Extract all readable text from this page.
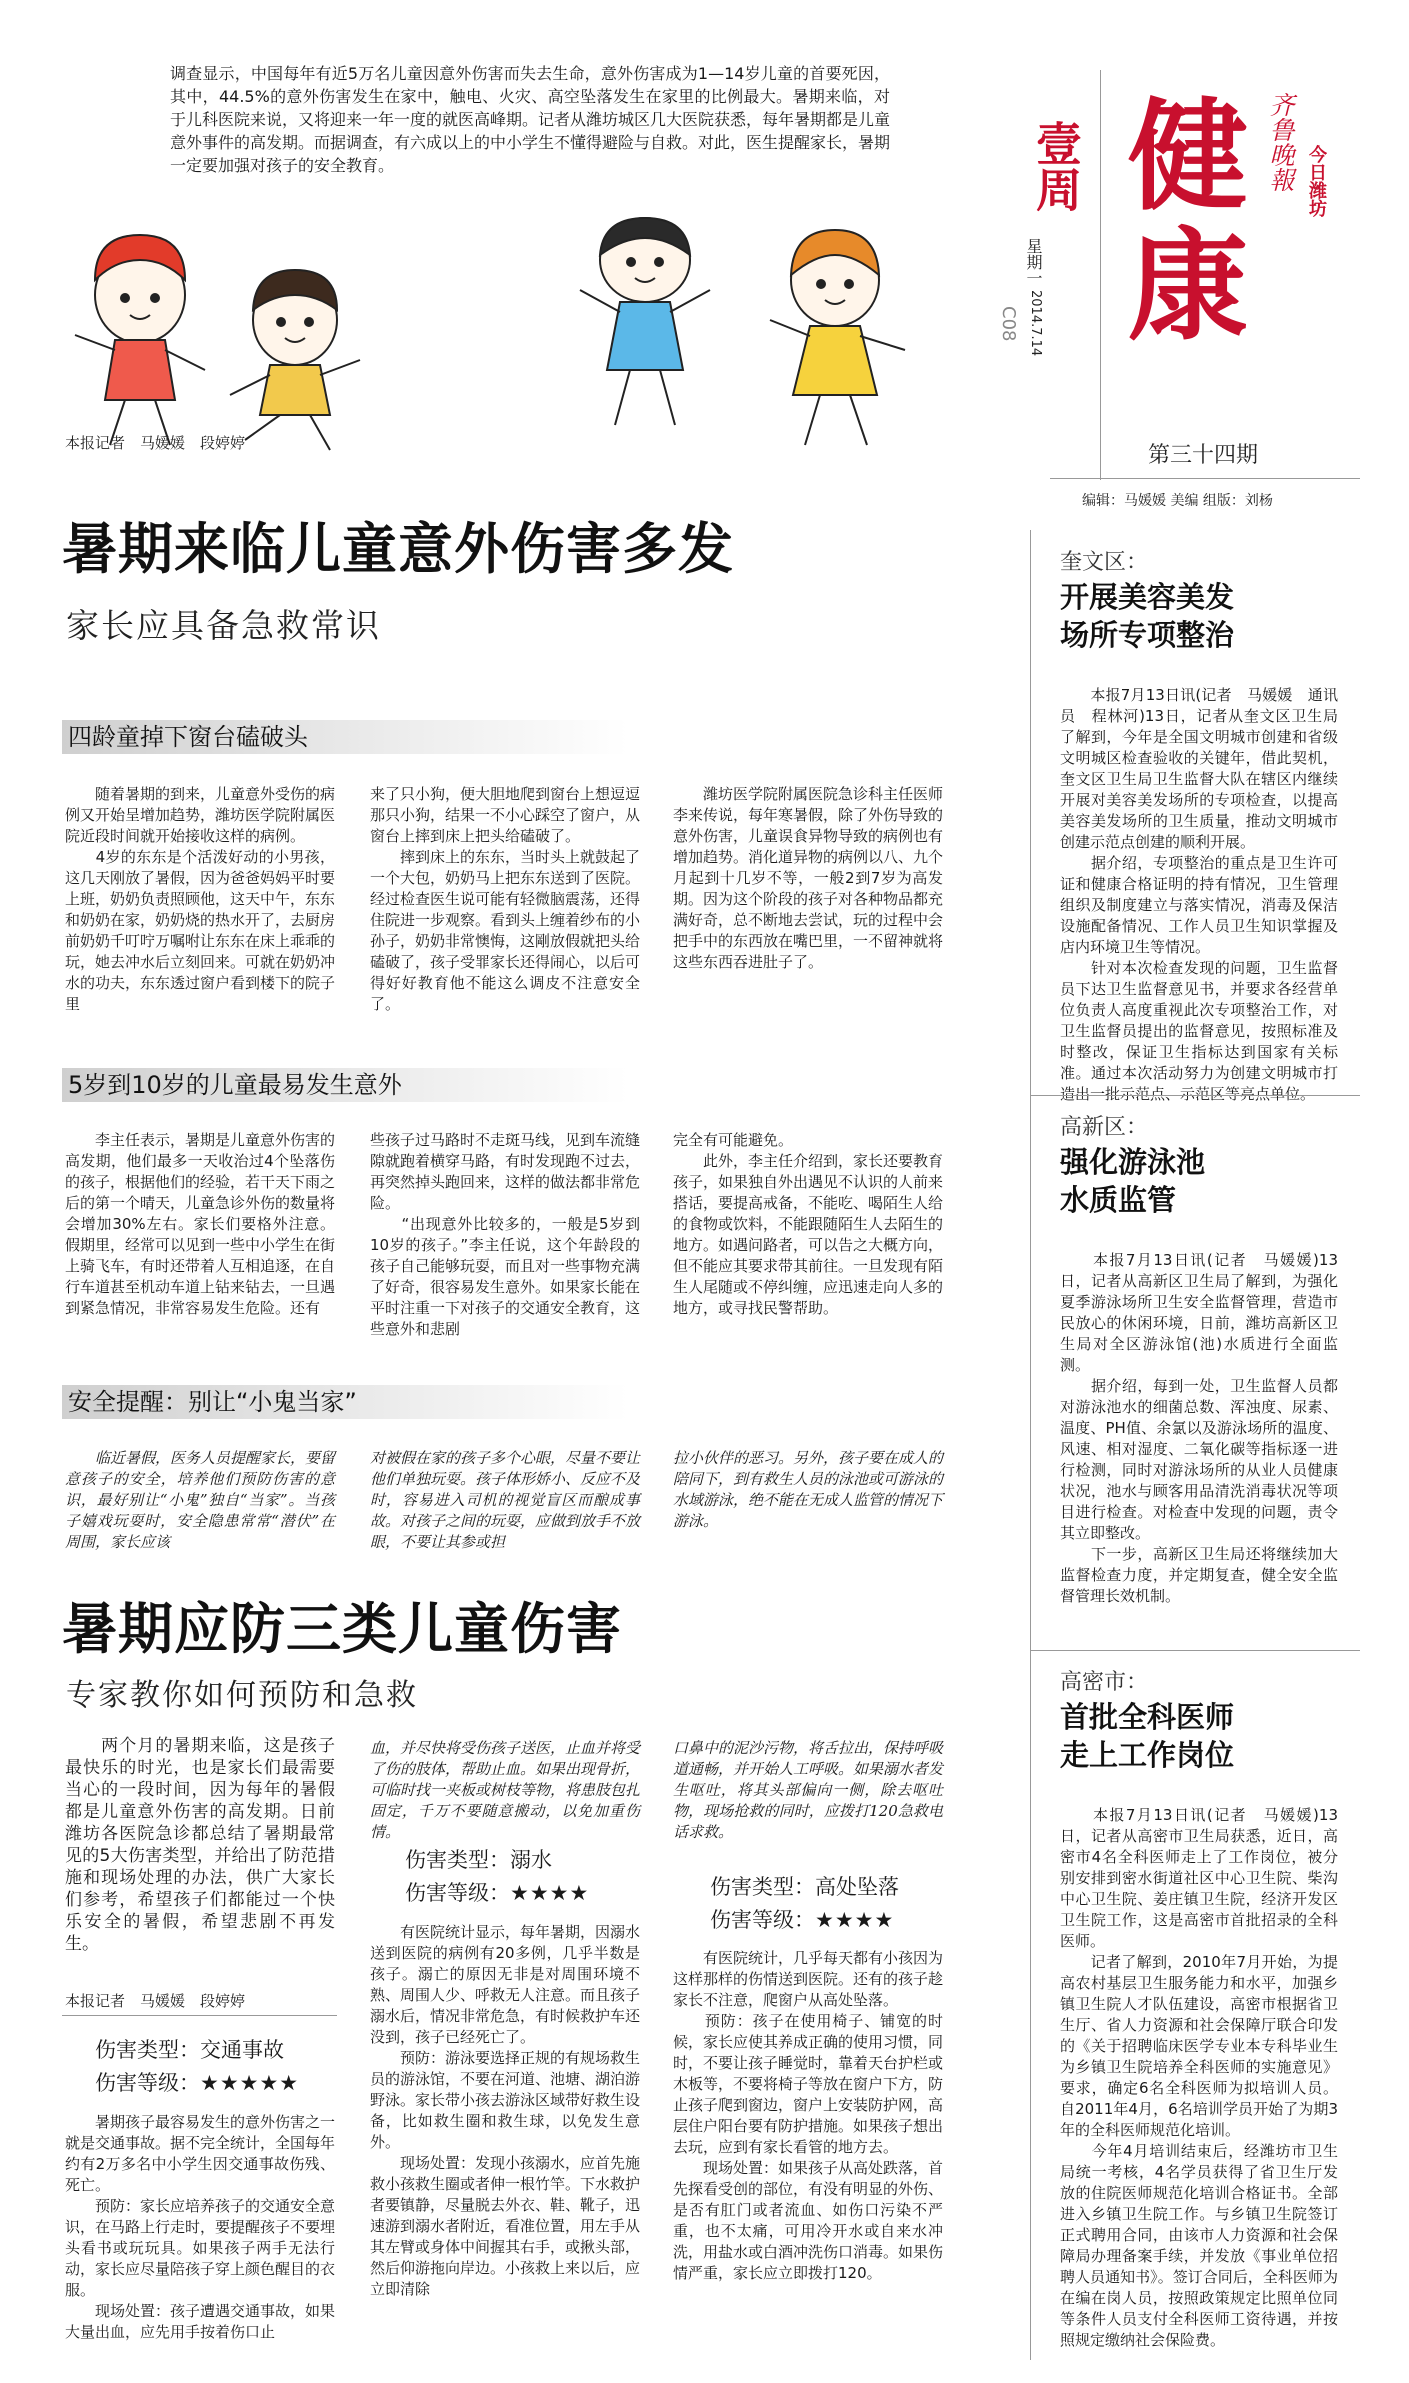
调查显示，中国每年有近5万名儿童因意外伤害而失去生命，意外伤害成为1—14岁儿童的首要死因，其中，44.5%的意外伤害发生在家中，触电、火灾、高空坠落发生在家里的比例最大。暑期来临，对于儿科医院来说，又将迎来一年一度的就医高峰期。记者从潍坊城区几大医院获悉，每年暑期都是儿童意外事件的高发期。而据调查，有六成以上的中小学生不懂得避险与自救。对此，医生提醒家长，暑期一定要加强对孩子的安全教育。

本报记者　马媛媛　段婷婷
壹周
星期一
2014.7.14
C08
健
康
齐鲁晚報 今日潍坊
第三十四期
编辑：马媛媛 美编 组版：刘杨
暑期来临儿童意外伤害多发
家长应具备急救常识
四龄童掉下窗台磕破头

　　随着暑期的到来，儿童意外受伤的病例又开始呈增加趋势，潍坊医学院附属医院近段时间就开始接收这样的病例。
　　4岁的东东是个活泼好动的小男孩，这几天刚放了暑假，因为爸爸妈妈平时要上班，奶奶负责照顾他，这天中午，东东和奶奶在家，奶奶烧的热水开了，去厨房前奶奶千叮咛万嘱咐让东东在床上乖乖的玩，她去冲水后立刻回来。可就在奶奶冲水的功夫，东东透过窗户看到楼下的院子里

来了只小狗，便大胆地爬到窗台上想逗逗那只小狗，结果一不小心踩空了窗户，从窗台上摔到床上把头给磕破了。
　　摔到床上的东东，当时头上就鼓起了一个大包，奶奶马上把东东送到了医院。经过检查医生说可能有轻微脑震荡，还得住院进一步观察。看到头上缠着纱布的小孙子，奶奶非常懊悔，这剛放假就把头给磕破了，孩子受罪家长还得闹心，以后可得好好教育他不能这么调皮不注意安全了。

　　潍坊医学院附属医院急诊科主任医师李来传说，每年寒暑假，除了外伤导致的意外伤害，儿童误食异物导致的病例也有增加趋势。消化道异物的病例以八、九个月起到十几岁不等，一般2到7岁为高发期。因为这个阶段的孩子对各种物品都充满好奇，总不断地去尝试，玩的过程中会把手中的东西放在嘴巴里，一不留神就将这些东西吞进肚子了。

5岁到10岁的儿童最易发生意外

　　李主任表示，暑期是儿童意外伤害的高发期，他们最多一天收治过4个坠落伤的孩子，根据他们的经验，若干天下雨之后的第一个晴天，儿童急诊外伤的数量将会增加30%左右。家长们要格外注意。假期里，经常可以见到一些中小学生在街上骑飞车，有时还带着人互相追逐，在自行车道甚至机动车道上钻来钻去，一旦遇到紧急情况，非常容易发生危险。还有

些孩子过马路时不走斑马线，见到车流缝隙就跑着横穿马路，有时发现跑不过去，再突然掉头跑回来，这样的做法都非常危险。
　　“出现意外比较多的，一般是5岁到10岁的孩子。”李主任说，这个年龄段的孩子自己能够玩耍，而且对一些事物充满了好奇，很容易发生意外。如果家长能在平时注重一下对孩子的交通安全教育，这些意外和悲剧

完全有可能避免。
　　此外，李主任介绍到，家长还要教育孩子，如果独自外出遇见不认识的人前来搭话，要提高戒备，不能吃、喝陌生人给的食物或饮料，不能跟随陌生人去陌生的地方。如遇问路者，可以告之大概方向，但不能应其要求带其前往。一旦发现有陌生人尾随或不停纠缠，应迅速走向人多的地方，或寻找民警帮助。

安全提醒：别让“小鬼当家”

　　临近暑假，医务人员提醒家长，要留意孩子的安全，培养他们预防伤害的意识，最好别让“小鬼”独自“当家”。当孩子嬉戏玩耍时，安全隐患常常“潜伏”在周围，家长应该

对被假在家的孩子多个心眼，尽量不要让他们单独玩耍。孩子体形娇小、反应不及时，容易进入司机的视觉盲区而酿成事故。对孩子之间的玩耍，应做到放手不放眼，不要让其参或担

拉小伙伴的恶习。另外，孩子要在成人的陪同下，到有救生人员的泳池或可游泳的水域游泳，绝不能在无成人监管的情况下游泳。

暑期应防三类儿童伤害
专家教你如何预防和急救

　　两个月的暑期来临，这是孩子最快乐的时光，也是家长们最需要当心的一段时间，因为每年的暑假都是儿童意外伤害的高发期。日前潍坊各医院急诊都总结了暑期最常见的5大伤害类型，并给出了防范措施和现场处理的办法，供广大家长们参考，希望孩子们都能过一个快乐安全的暑假，希望悲剧不再发生。

本报记者　马媛媛　段婷婷
伤害类型：交通事故
伤害等级：★★★★★

　　暑期孩子最容易发生的意外伤害之一就是交通事故。据不完全统计，全国每年约有2万多名中小学生因交通事故伤残、死亡。
　　预防：家长应培养孩子的交通安全意识，在马路上行走时，要提醒孩子不要埋头看书或玩玩具。如果孩子两手无法行动，家长应尽量陪孩子穿上颜色醒目的衣服。
　　现场处置：孩子遭遇交通事故，如果大量出血，应先用手按着伤口止

血，并尽快将受伤孩子送医，止血并将受了伤的肢体，帮助止血。如果出现骨折，可临时找一夹板或树枝等物，将患肢包扎固定，千万不要随意搬动，以免加重伤情。

伤害类型：溺水
伤害等级：★★★★

　　有医院统计显示，每年暑期，因溺水送到医院的病例有20多例，几乎半数是孩子。溺亡的原因无非是对周围环境不熟、周围人少、呼救无人注意。而且孩子溺水后，情况非常危急，有时候救护车还没到，孩子已经死亡了。
　　预防：游泳要选择正规的有规场救生员的游泳馆，不要在河道、池塘、湖泊游野泳。家长带小孩去游泳区域带好救生设备，比如救生圈和救生球，以免发生意外。
　　现场处置：发现小孩溺水，应首先施救小孩救生圈或者伸一根竹竿。下水救护者要镇静，尽量脱去外衣、鞋、靴子，迅速游到溺水者附近，看准位置，用左手从其左臂或身体中间握其右手，或揪头部，然后仰游拖向岸边。小孩救上来以后，应立即清除

口鼻中的泥沙污物，将舌拉出，保持呼吸道通畅，并开始人工呼吸。如果溺水者发生呕吐，将其头部偏向一侧，除去呕吐物，现场抢救的同时，应拨打120急救电话求救。

伤害类型：高处坠落
伤害等级：★★★★

　　有医院统计，几乎每天都有小孩因为这样那样的伤情送到医院。还有的孩子趁家长不注意，爬窗户从高处坠落。
　　预防：孩子在使用椅子、铺宽的时候，家长应使其养成正确的使用习惯，同时，不要让孩子睡觉时，靠着天台护栏或木板等，不要将椅子等放在窗户下方，防止孩子爬到窗边，窗户上安装防护网，高层住户阳台要有防护措施。如果孩子想出去玩，应到有家长看管的地方去。
　　现场处置：如果孩子从高处跌落，首先探看受创的部位，有没有明显的外伤、是否有肛门或者流血、如伤口污染不严重，也不太痛，可用冷开水或自来水冲洗，用盐水或白酒冲洗伤口消毒。如果伤情严重，家长应立即拨打120。

奎文区：
开展美容美发
场所专项整治

　　本报7月13日讯(记者　马媛媛　通讯员　程林河)13日，记者从奎文区卫生局了解到，今年是全国文明城市创建和省级文明城区检查验收的关键年，借此契机，奎文区卫生局卫生监督大队在辖区内继续开展对美容美发场所的专项检查，以提高美容美发场所的卫生质量，推动文明城市创建示范点创建的顺利开展。
　　据介绍，专项整治的重点是卫生许可证和健康合格证明的持有情况，卫生管理组织及制度建立与落实情况，消毒及保洁设施配备情况、工作人员卫生知识掌握及店内环境卫生等情况。
　　针对本次检查发现的问题，卫生监督员下达卫生监督意见书，并要求各经营单位负责人高度重视此次专项整治工作，对卫生监督员提出的监督意见，按照标准及时整改，保证卫生指标达到国家有关标准。通过本次活动努力为创建文明城市打造出一批示范点、示范区等亮点单位。

高新区：
强化游泳池
水质监管

　　本报7月13日讯(记者　马媛媛)13日，记者从高新区卫生局了解到，为强化夏季游泳场所卫生安全监督管理，营造市民放心的休闲环境，日前，潍坊高新区卫生局对全区游泳馆(池)水质进行全面监测。
　　据介绍，每到一处，卫生监督人员都对游泳池水的细菌总数、浑浊度、尿素、温度、PH值、余氯以及游泳场所的温度、风速、相对湿度、二氧化碳等指标逐一进行检测，同时对游泳场所的从业人员健康状况，池水与顾客用品清洗消毒状况等项目进行检查。对检查中发现的问题，责令其立即整改。
　　下一步，高新区卫生局还将继续加大监督检查力度，并定期复查，健全安全监督管理长效机制。

高密市：
首批全科医师
走上工作岗位

　　本报7月13日讯(记者　马媛媛)13日，记者从高密市卫生局获悉，近日，高密市4名全科医师走上了工作岗位，被分别安排到密水街道社区中心卫生院、柴沟中心卫生院、姜庄镇卫生院，经济开发区卫生院工作，这是高密市首批招录的全科医师。
　　记者了解到，2010年7月开始，为提高农村基层卫生服务能力和水平，加强乡镇卫生院人才队伍建设，高密市根据省卫生厅、省人力资源和社会保障厅联合印发的《关于招聘临床医学专业本专科毕业生为乡镇卫生院培养全科医师的实施意见》要求，确定6名全科医师为拟培训人员。自2011年4月，6名培训学员开始了为期3年的全科医师规范化培训。
　　今年4月培训结束后，经潍坊市卫生局统一考核，4名学员获得了省卫生厅发放的住院医师规范化培训合格证书。全部进入乡镇卫生院工作。与乡镇卫生院签订正式聘用合同，由该市人力资源和社会保障局办理备案手续，并发放《事业单位招聘人员通知书》。签订合同后，全科医师为在编在岗人员，按照政策规定比照单位同等条件人员支付全科医师工资待遇，并按照规定缴纳社会保险费。
